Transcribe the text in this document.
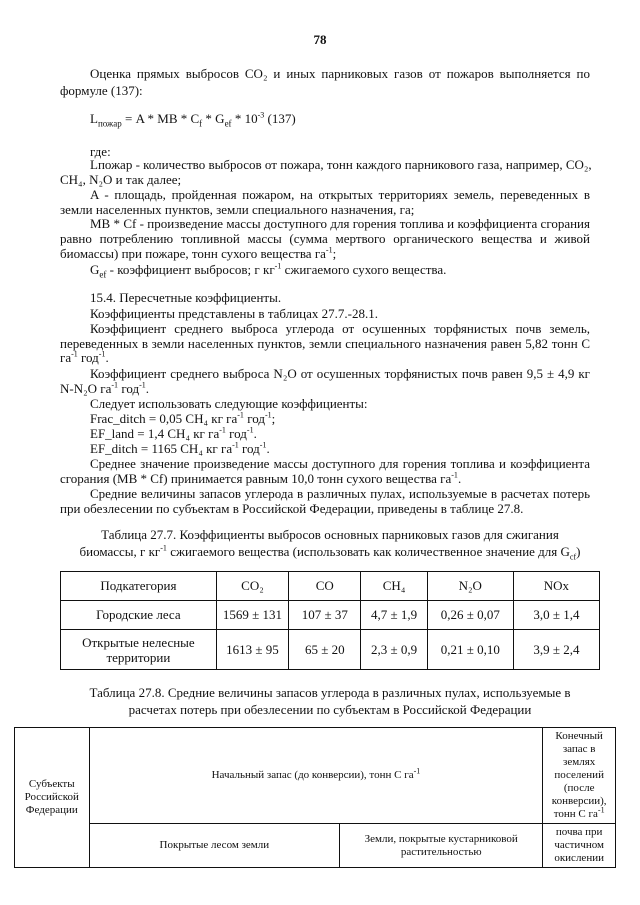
78
Оценка прямых выбросов CO₂ и иных парниковых газов от пожаров выполняется по
формуле (137):
$L_{пожар} = A$ * MB * $C_f * G_{ef} * 10^{-3}$ (137)
где:
Lпожар - количество выбросов от пожара, тонн каждого парникового газа, например, CO₂,
CH₄, N₂O и так далее;
A - площадь, пройденная пожаром, на открытых территориях земель, переведенных в
земли населенных пунктов, земли специального назначения, га;
MB * Cf - произведение массы доступного для горения топлива и коэффициента сгорания
равно потреблению топливной массы (сумма мертвого органического вещества и живой
биомассы) при пожаре, тонн сухого вещества $га^{-1}$;
$G_{ef}$ - коэффициент выбросов; г $кг^{-1}$ сжигаемого сухого вещества.
15.4. Пересчетные коэффициенты.
Коэффициенты представлены в таблицах 27.7.-28.1.
Коэффициент среднего выброса углерода от осушенных торфянистых почв земель,
переведенных в земли населенных пунктов, земли специального назначения равен 5,82 тонн C
$га^{-1}$ год$^{-1}$.
Коэффициент среднего выброса N₂O от осушенных торфянистых почв равен 9,5 ± 4,9 кг
N-N₂O $га^{-1}$ год$^{-1}$.
Следует использовать следующие коэффициенты:
Frac_ditch = 0,05 CH₄ кг $га^{-1}$ год$^{-1}$;
EF_land = 1,4 CH₄ кг $га^{-1}$ год$^{-1}$.
EF_ditch = 1165 CH₄ кг $га^{-1}$ год$^{-1}$.
Среднее значение произведение массы доступного для горения топлива и коэффициента
сгорания (MB * Cf) принимается равным 10,0 тонн сухого вещества $га^{-1}$.
Средние величины запасов углерода в различных пулах, используемые в расчетах потерь
при обезлесении по субъектам в Российской Федерации, приведены в таблице 27.8.
Таблица 27.7. Коэффициенты выбросов основных парниковых газов для сжигания
биомассы, г $кг^{-1}$ сжигаемого вещества (использовать как количественное значение для $G_{cf}$)
Подкатегория	CO₂	CO	CH₄	N₂O	NOx
Городские леса	1569 ± 131	107 ± 37	4,7 ± 1,9	0,26 ± 0,07	3,0 ± 1,4
Открытые нелесные территории	1613 ± 95	65 ± 20	2,3 ± 0,9	0,21 ± 0,10	3,9 ± 2,4
Таблица 27.8. Средние величины запасов углерода в различных пулах, используемые в
расчетах потерь при обезлесении по субъектам в Российской Федерации
Субъекты Российской Федерации	Начальный запас (до конверсии), тонн C $га^{-1}$		Конечный запас в землях поселений (после конверсии), тонн C $га^{-1}$
	Покрытые лесом земли	Земли, покрытые кустарниковой растительностью	почва при частичном окислении
